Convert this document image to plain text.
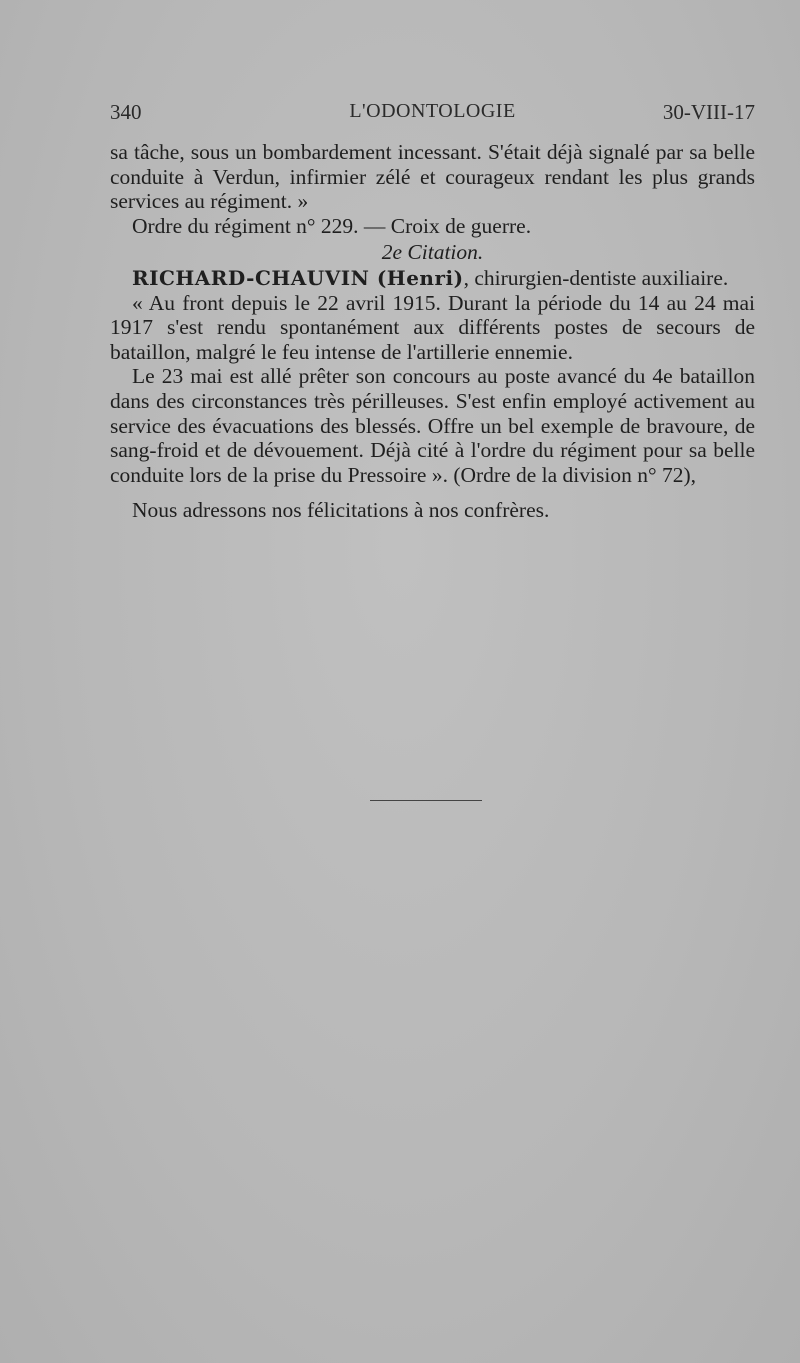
340	L'ODONTOLOGIE	30-VIII-17

sa tâche, sous un bombardement incessant. S'était déjà signalé par sa belle conduite à Verdun, infirmier zélé et courageux rendant les plus grands services au régiment. »

Ordre du régiment n° 229. — Croix de guerre.

2e Citation.

RICHARD-CHAUVIN (Henri), chirurgien-dentiste auxiliaire.

« Au front depuis le 22 avril 1915. Durant la période du 14 au 24 mai 1917 s'est rendu spontanément aux différents postes de secours de bataillon, malgré le feu intense de l'artillerie ennemie.

Le 23 mai est allé prêter son concours au poste avancé du 4e bataillon dans des circonstances très périlleuses. S'est enfin employé activement au service des évacuations des blessés. Offre un bel exemple de bravoure, de sang-froid et de dévouement. Déjà cité à l'ordre du régiment pour sa belle conduite lors de la prise du Pressoire ». (Ordre de la division n° 72),

Nous adressons nos félicitations à nos confrères.
